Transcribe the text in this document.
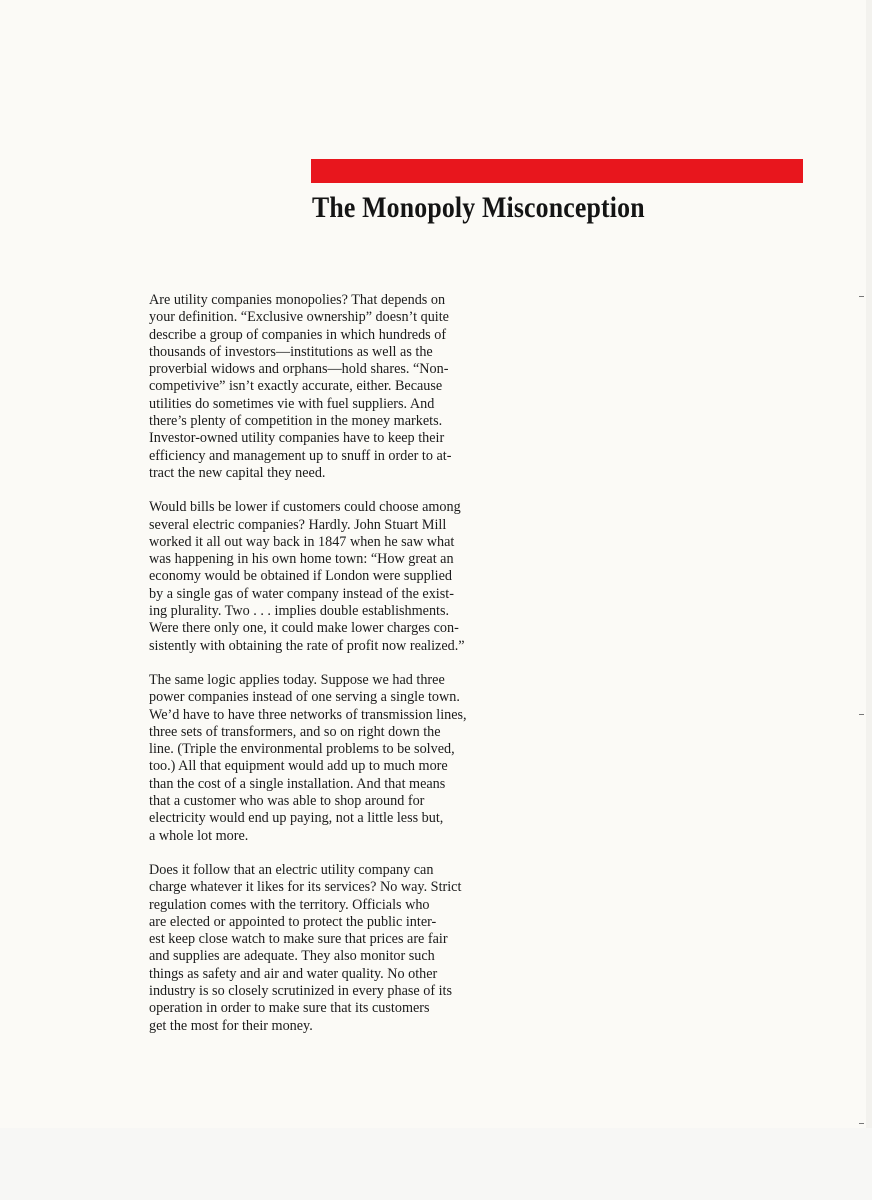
The Monopoly Misconception

Are utility companies monopolies? That depends on
your definition. “Exclusive ownership” doesn’t quite
describe a group of companies in which hundreds of
thousands of investors—institutions as well as the
proverbial widows and orphans—hold shares. “Non-
competivive” isn’t exactly accurate, either. Because
utilities do sometimes vie with fuel suppliers. And
there’s plenty of competition in the money markets.
Investor-owned utility companies have to keep their
efficiency and management up to snuff in order to at-
tract the new capital they need.

Would bills be lower if customers could choose among
several electric companies? Hardly. John Stuart Mill
worked it all out way back in 1847 when he saw what
was happening in his own home town: “How great an
economy would be obtained if London were supplied
by a single gas of water company instead of the exist-
ing plurality. Two . . . implies double establishments.
Were there only one, it could make lower charges con-
sistently with obtaining the rate of profit now realized.”

The same logic applies today. Suppose we had three
power companies instead of one serving a single town.
We’d have to have three networks of transmission lines,
three sets of transformers, and so on right down the
line. (Triple the environmental problems to be solved,
too.) All that equipment would add up to much more
than the cost of a single installation. And that means
that a customer who was able to shop around for
electricity would end up paying, not a little less but,
a whole lot more.

Does it follow that an electric utility company can
charge whatever it likes for its services? No way. Strict
regulation comes with the territory. Officials who
are elected or appointed to protect the public inter-
est keep close watch to make sure that prices are fair
and supplies are adequate. They also monitor such
things as safety and air and water quality. No other
industry is so closely scrutinized in every phase of its
operation in order to make sure that its customers
get the most for their money.
